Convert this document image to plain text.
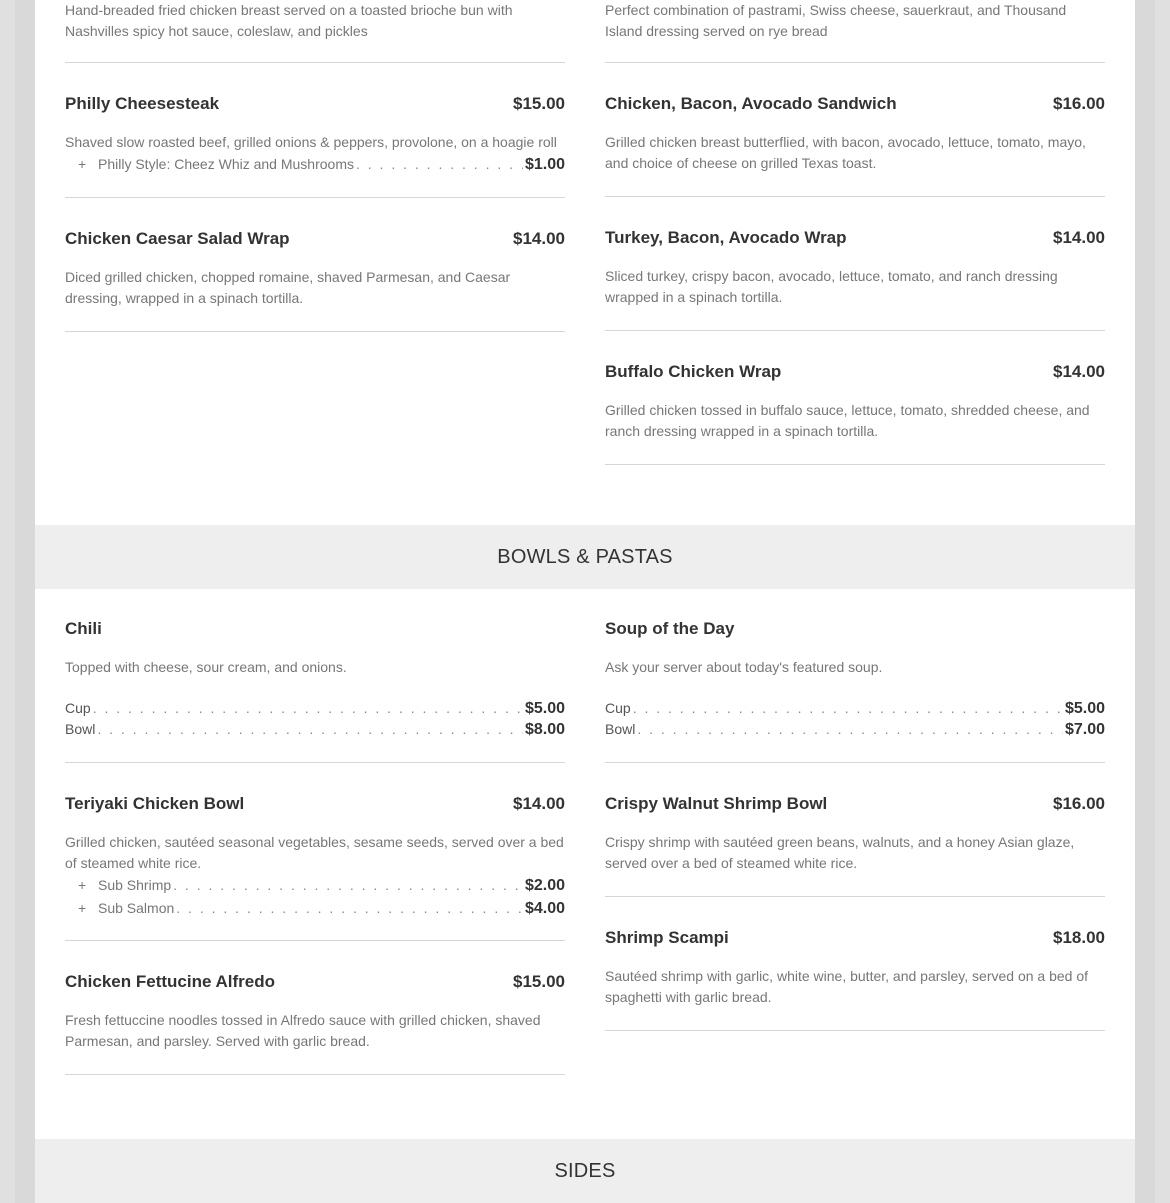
Hand-breaded fried chicken breast served on a toasted brioche bun with Nashvilles spicy hot sauce, coleslaw, and pickles
Philly Cheesesteak	$15.00
Shaved slow roasted beef, grilled onions & peppers, provolone, on a hoagie roll
+ Philly Style: Cheez Whiz and Mushrooms . . .	$1.00
Chicken Caesar Salad Wrap	$14.00
Diced grilled chicken, chopped romaine, shaved Parmesan, and Caesar dressing, wrapped in a spinach tortilla.
Perfect combination of pastrami, Swiss cheese, sauerkraut, and Thousand Island dressing served on rye bread
Chicken, Bacon, Avocado Sandwich	$16.00
Grilled chicken breast butterflied, with bacon, avocado, lettuce, tomato, mayo, and choice of cheese on grilled Texas toast.
Turkey, Bacon, Avocado Wrap	$14.00
Sliced turkey, crispy bacon, avocado, lettuce, tomato, and ranch dressing wrapped in a spinach tortilla.
Buffalo Chicken Wrap	$14.00
Grilled chicken tossed in buffalo sauce, lettuce, tomato, shredded cheese, and ranch dressing wrapped in a spinach tortilla.
BOWLS & PASTAS
Chili
Topped with cheese, sour cream, and onions.
Cup . . .	$5.00
Bowl . . .	$8.00
Teriyaki Chicken Bowl	$14.00
Grilled chicken, sautéed seasonal vegetables, sesame seeds, served over a bed of steamed white rice.
+ Sub Shrimp . . .	$2.00
+ Sub Salmon . . .	$4.00
Chicken Fettucine Alfredo	$15.00
Fresh fettuccine noodles tossed in Alfredo sauce with grilled chicken, shaved Parmesan, and parsley. Served with garlic bread.
Soup of the Day
Ask your server about today's featured soup.
Cup . . .	$5.00
Bowl . . .	$7.00
Crispy Walnut Shrimp Bowl	$16.00
Crispy shrimp with sautéed green beans, walnuts, and a honey Asian glaze, served over a bed of steamed white rice.
Shrimp Scampi	$18.00
Sautéed shrimp with garlic, white wine, butter, and parsley, served on a bed of spaghetti with garlic bread.
SIDES
